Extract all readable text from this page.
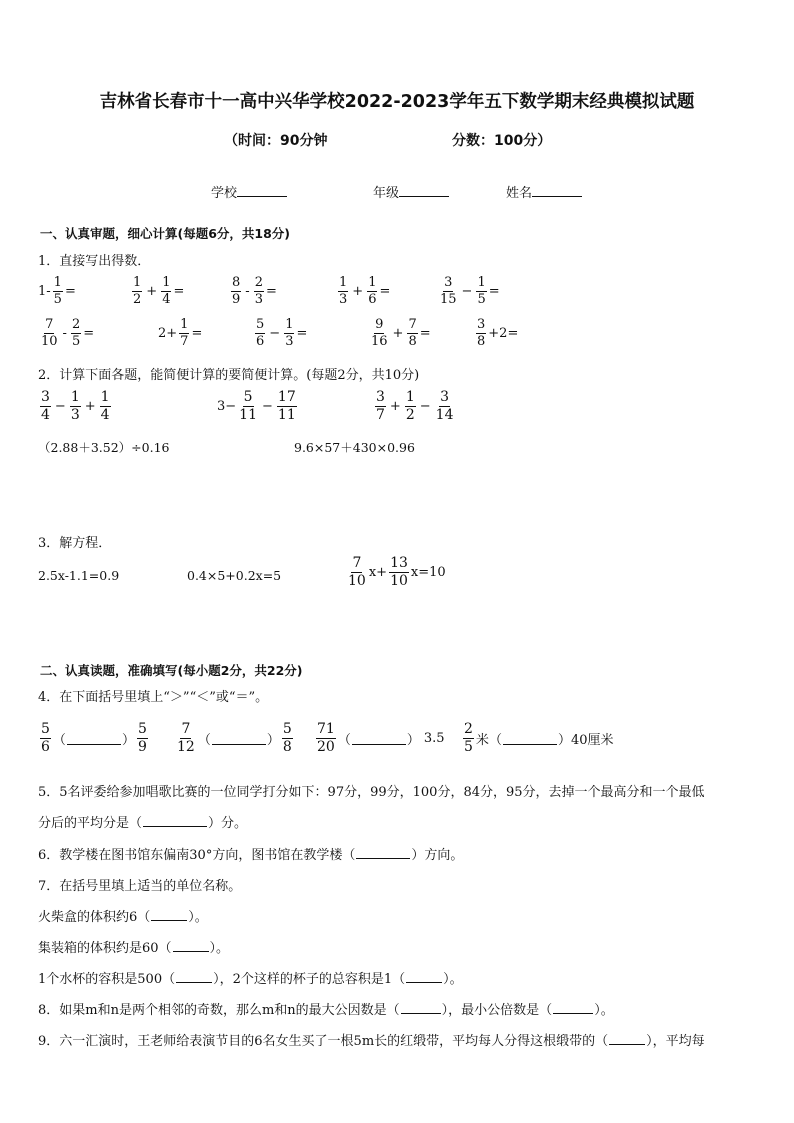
吉林省长春市十一高中兴华学校2022-2023学年五下数学期末经典模拟试题
（时间：90分钟	分数：100分）
学校	年级	姓名
一、认真审题，细心计算(每题6分，共18分)
1．直接写出得数．
$1- \frac{1}{5}$ =	$\frac{1}{2} + \frac{1}{4}$ =	$\frac{8}{9} - \frac{2}{3}$ =	$\frac{1}{3} + \frac{1}{6}$ =	$\frac{3}{15} - \frac{1}{5}$ =
$\frac{7}{10} - \frac{2}{5}$ =	$2+ \frac{1}{7}$ =	$\frac{5}{6} - \frac{1}{3}$ =	$\frac{9}{16} + \frac{7}{8}$ =	$\frac{3}{8} +2=$
2．计算下面各题，能简便计算的要简便计算。(每题2分，共10分)
$\frac{3}{4} - \frac{1}{3} + \frac{1}{4}$	$3- \frac{5}{11} - \frac{17}{11}$	$\frac{3}{7} + \frac{1}{2} - \frac{3}{14}$
（2.88＋3.52）÷0.16	9.6×57＋430×0.96
3．解方程．
2.5x-1.1=0.9	0.4×5+0.2x=5	$\frac{7}{10} x+ \frac{13}{10} x=10$
二、认真读题，准确填写(每小题2分，共22分)
4．在下面括号里填上“＞”“＜”或“＝”。
$\frac{5}{6}$ （	） $\frac{5}{9} \frac{7}{12}$ （	） $\frac{5}{8} \frac{71}{20}$ （	） $3.5 \frac{2}{5}$ 米 （	） 40厘米
5．5名评委给参加唱歌比赛的一位同学打分如下：97分，99分，100分，84分，95分，去掉一个最高分和一个最低
分后的平均分是（	）分。
6．教学楼在图书馆东偏南30°方向，图书馆在教学楼（	）方向。
7．在括号里填上适当的单位名称。
火柴盒的体积约6（	）。
集装箱的体积约是60（	）。
1个水杯的容积是500（	），2个这样的杯子的总容积是1（	）。
8．如果m和n是两个相邻的奇数，那么m和n的最大公因数是（	），最小公倍数是（	）。
9．六一汇演时，王老师给表演节目的6名女生买了一根5m长的红缎带，平均每人分得这根缎带的（	），平均每
